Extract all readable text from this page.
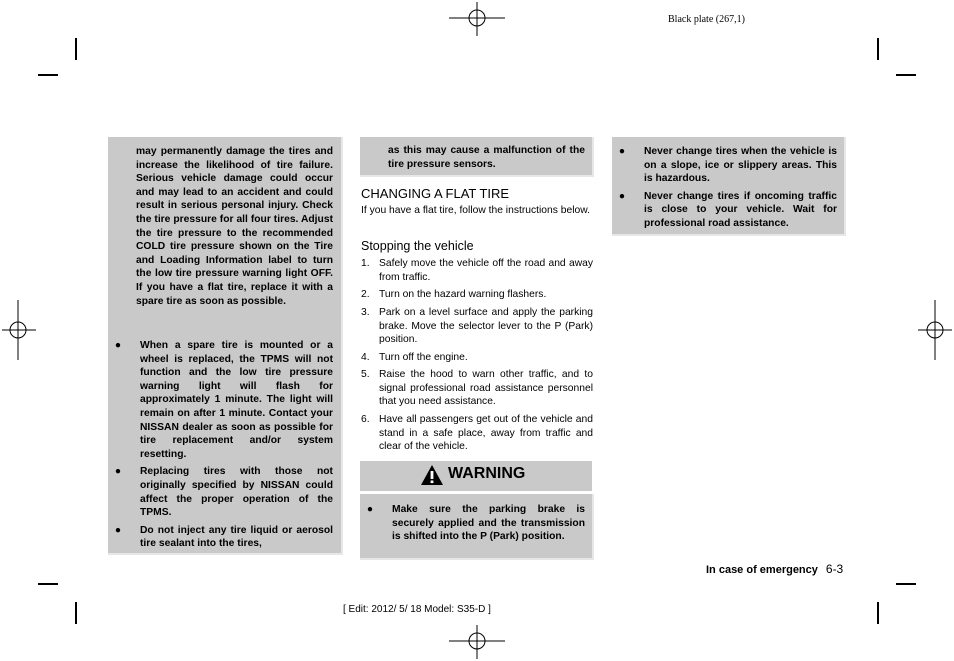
Black plate (267,1)
may permanently damage the tires and increase the likelihood of tire failure. Serious vehicle damage could occur and may lead to an accident and could result in serious personal injury. Check the tire pressure for all four tires. Adjust the tire pressure to the recommended COLD tire pressure shown on the Tire and Loading Information label to turn the low tire pressure warning light OFF. If you have a flat tire, replace it with a spare tire as soon as possible.
● When a spare tire is mounted or a wheel is replaced, the TPMS will not function and the low tire pressure warning light will flash for approximately 1 minute. The light will remain on after 1 minute. Contact your NISSAN dealer as soon as possible for tire replacement and/or system resetting.
● Replacing tires with those not originally specified by NISSAN could affect the proper operation of the TPMS.
● Do not inject any tire liquid or aerosol tire sealant into the tires,
as this may cause a malfunction of the tire pressure sensors.
CHANGING A FLAT TIRE
If you have a flat tire, follow the instructions below.
Stopping the vehicle
1. Safely move the vehicle off the road and away from traffic.
2. Turn on the hazard warning flashers.
3. Park on a level surface and apply the parking brake. Move the selector lever to the P (Park) position.
4. Turn off the engine.
5. Raise the hood to warn other traffic, and to signal professional road assistance personnel that you need assistance.
6. Have all passengers get out of the vehicle and stand in a safe place, away from traffic and clear of the vehicle.
WARNING
● Make sure the parking brake is securely applied and the transmission is shifted into the P (Park) position.
● Never change tires when the vehicle is on a slope, ice or slippery areas. This is hazardous.
● Never change tires if oncoming traffic is close to your vehicle. Wait for professional road assistance.
In case of emergency 6-3
[ Edit: 2012/ 5/ 18 Model: S35-D ]
